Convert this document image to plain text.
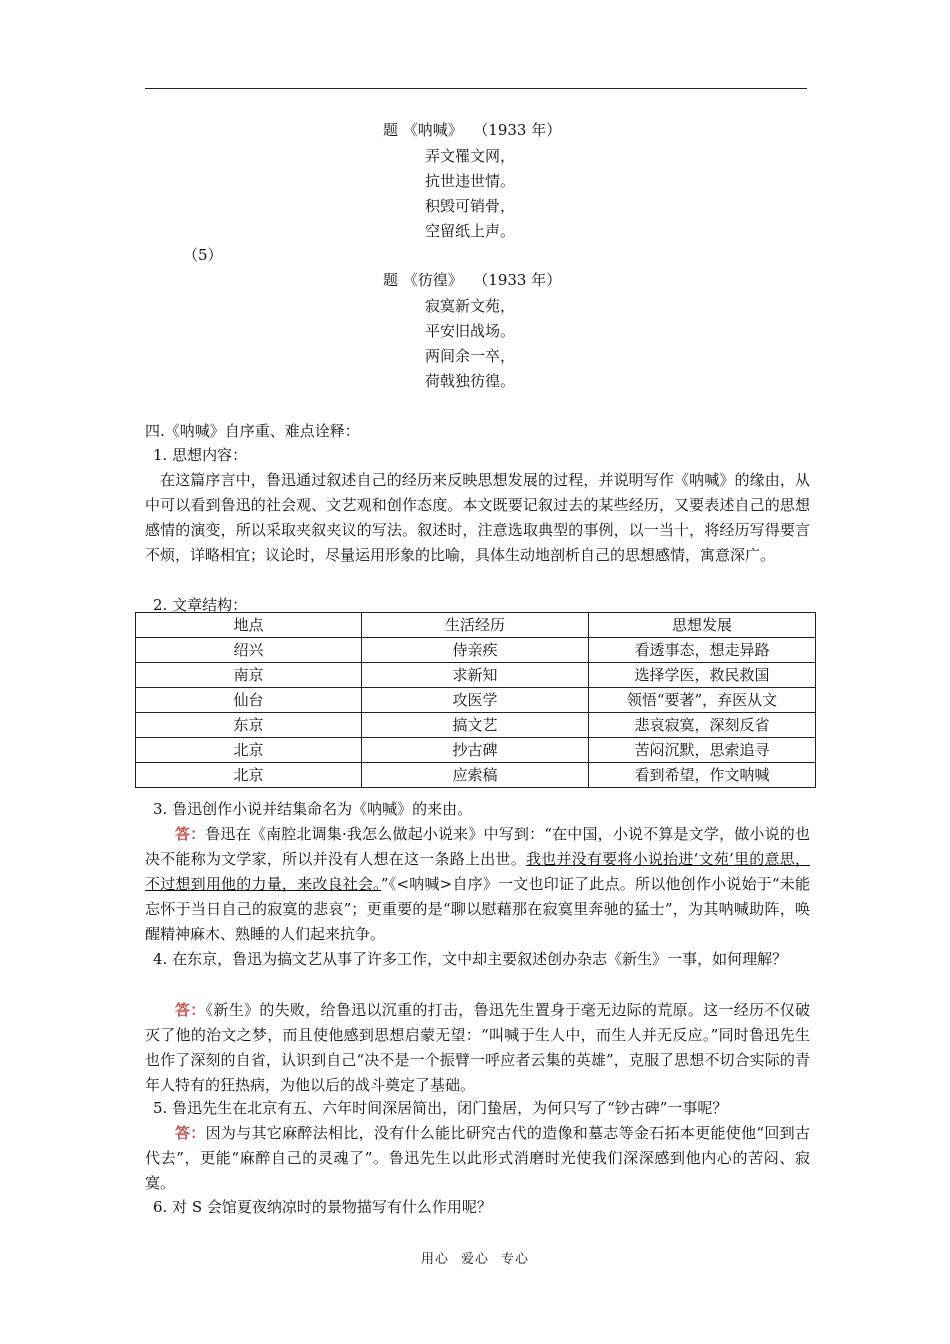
题 《呐喊》 （1933 年）
弄文罹文网，
抗世违世情。
积毁可销骨，
空留纸上声。
（5）
题 《彷徨》 （1933 年）
寂寞新文苑，
平安旧战场。
两间余一卒，
荷戟独彷徨。
四.《呐喊》自序重、难点诠释：
1. 思想内容：
在这篇序言中，鲁迅通过叙述自己的经历来反映思想发展的过程，并说明写作《呐喊》的缘由，从中可以看到鲁迅的社会观、文艺观和创作态度。本文既要记叙过去的某些经历，又要表述自己的思想感情的演变，所以采取夹叙夹议的写法。叙述时，注意选取典型的事例，以一当十，将经历写得要言不烦，详略相宜；议论时，尽量运用形象的比喻，具体生动地剖析自己的思想感情，寓意深广。
2. 文章结构：
地点	生活经历	思想发展
绍兴	侍亲疾	看透事态，想走异路
南京	求新知	选择学医，救民救国
仙台	攻医学	领悟“要著”，弃医从文
东京	搞文艺	悲哀寂寞，深刻反省
北京	抄古碑	苦闷沉默，思索追寻
北京	应索稿	看到希望，作文呐喊
3. 鲁迅创作小说并结集命名为《呐喊》的来由。
答：鲁迅在《南腔北调集·我怎么做起小说来》中写到：“在中国，小说不算是文学，做小说的也决不能称为文学家，所以并没有人想在这一条路上出世。我也并没有要将小说抬进‘文苑’里的意思，不过想到用他的力量，来改良社会。”《<呐喊>自序》一文也印证了此点。所以他创作小说始于“未能忘怀于当日自己的寂寞的悲哀”；更重要的是“聊以慰藉那在寂寞里奔驰的猛士”，为其呐喊助阵，唤醒精神麻木、熟睡的人们起来抗争。
4. 在东京，鲁迅为搞文艺从事了许多工作，文中却主要叙述创办杂志《新生》一事，如何理解？
答：《新生》的失败，给鲁迅以沉重的打击，鲁迅先生置身于毫无边际的荒原。这一经历不仅破灭了他的治文之梦，而且使他感到思想启蒙无望：“叫喊于生人中，而生人并无反应。”同时鲁迅先生也作了深刻的自省，认识到自己“决不是一个振臂一呼应者云集的英雄”，克服了思想不切合实际的青年人特有的狂热病，为他以后的战斗奠定了基础。
5. 鲁迅先生在北京有五、六年时间深居简出，闭门蛰居，为何只写了“钞古碑”一事呢？
答：因为与其它麻醉法相比，没有什么能比研究古代的造像和墓志等金石拓本更能使他“回到古代去”，更能“麻醉自己的灵魂了”。鲁迅先生以此形式消磨时光使我们深深感到他内心的苦闷、寂寞。
6. 对 S 会馆夏夜纳凉时的景物描写有什么作用呢？
用心 爱心 专心
